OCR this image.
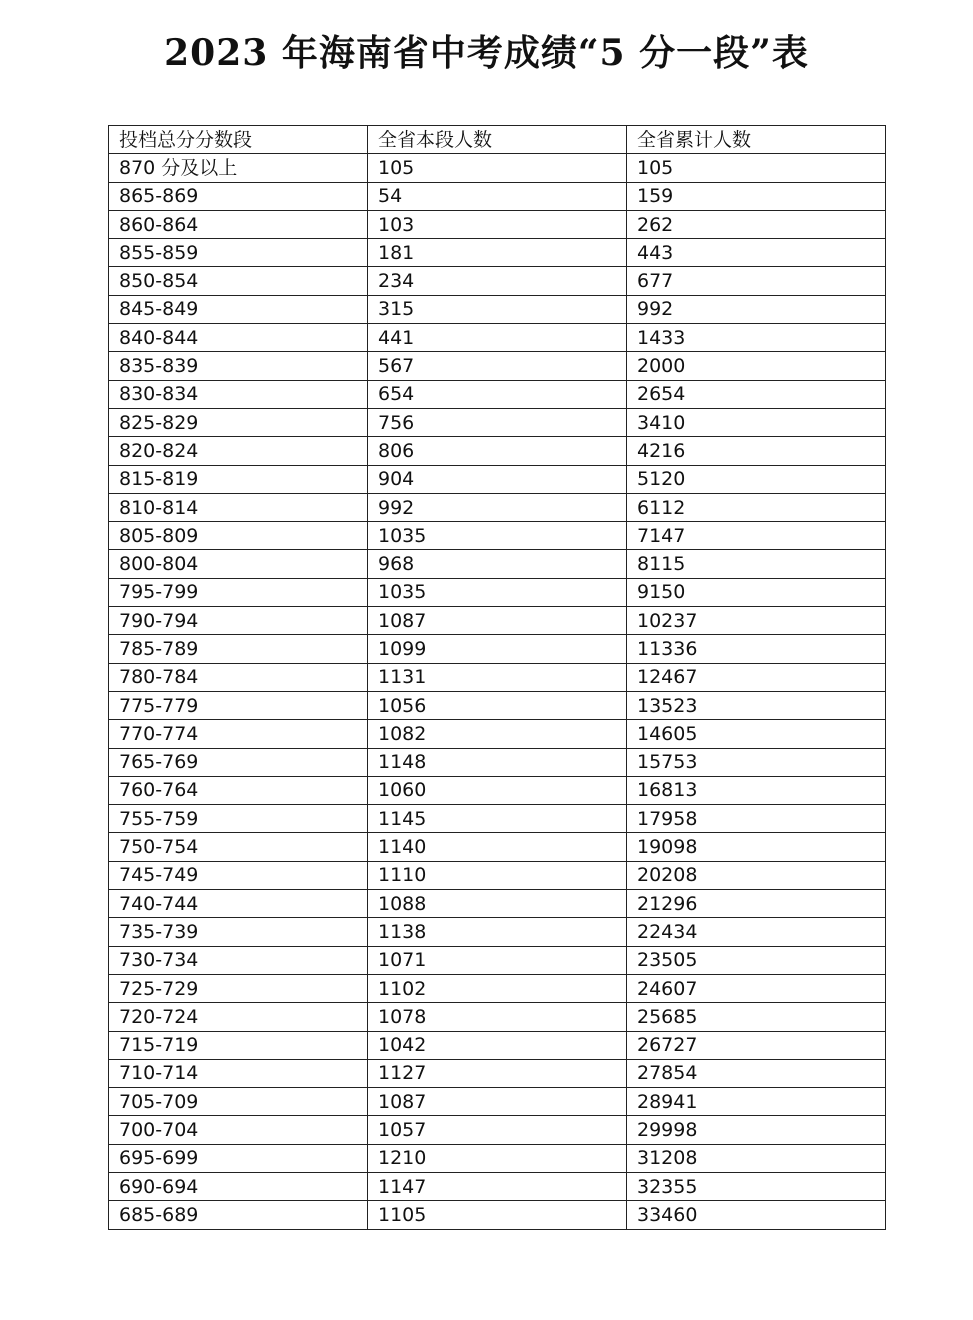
2023 年海南省中考成绩“5 分一段”表
投档总分分数段	全省本段人数	全省累计人数
870 分及以上	105	105
865-869	54	159
860-864	103	262
855-859	181	443
850-854	234	677
845-849	315	992
840-844	441	1433
835-839	567	2000
830-834	654	2654
825-829	756	3410
820-824	806	4216
815-819	904	5120
810-814	992	6112
805-809	1035	7147
800-804	968	8115
795-799	1035	9150
790-794	1087	10237
785-789	1099	11336
780-784	1131	12467
775-779	1056	13523
770-774	1082	14605
765-769	1148	15753
760-764	1060	16813
755-759	1145	17958
750-754	1140	19098
745-749	1110	20208
740-744	1088	21296
735-739	1138	22434
730-734	1071	23505
725-729	1102	24607
720-724	1078	25685
715-719	1042	26727
710-714	1127	27854
705-709	1087	28941
700-704	1057	29998
695-699	1210	31208
690-694	1147	32355
685-689	1105	33460
